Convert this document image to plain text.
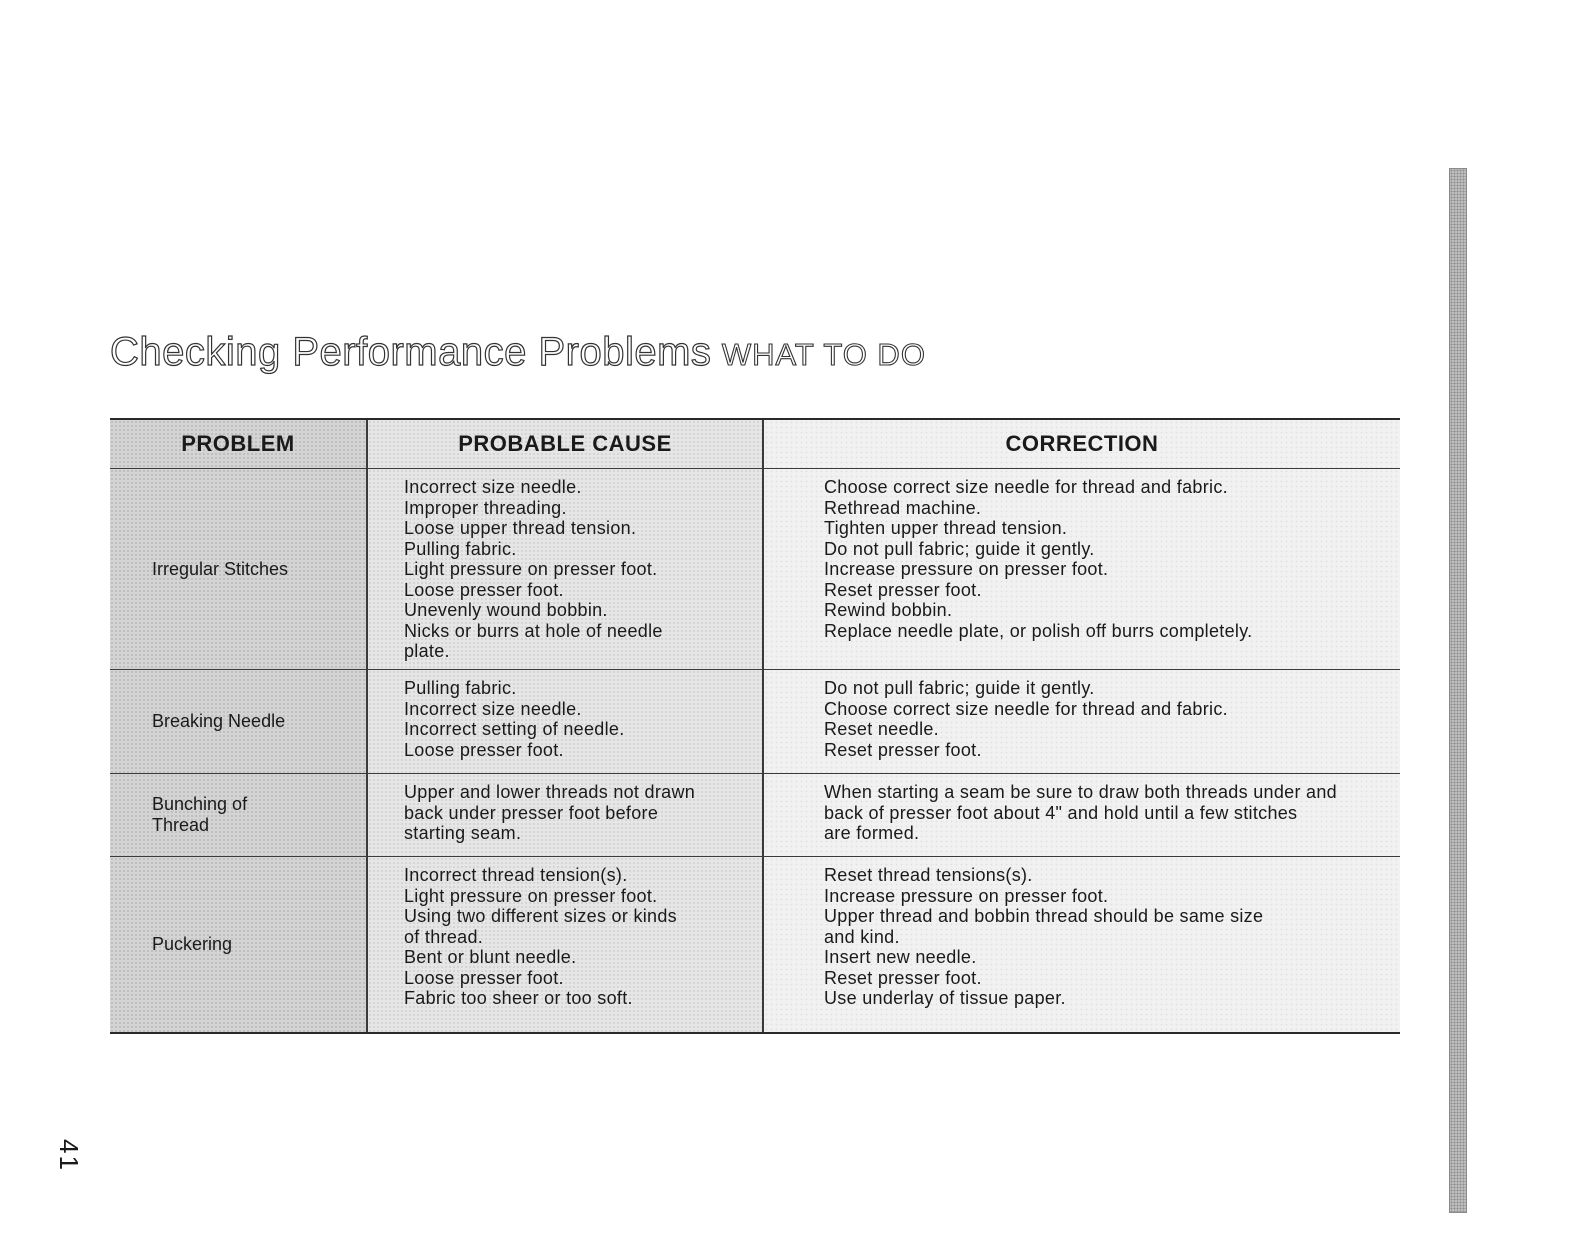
Checking Performance Problems WHAT TO DO
PROBLEM	PROBABLE CAUSE	CORRECTION
Irregular Stitches
Incorrect size needle.
Improper threading.
Loose upper thread tension.
Pulling fabric.
Light pressure on presser foot.
Loose presser foot.
Unevenly wound bobbin.
Nicks or burrs at hole of needle
plate.
Choose correct size needle for thread and fabric.
Rethread machine.
Tighten upper thread tension.
Do not pull fabric; guide it gently.
Increase pressure on presser foot.
Reset presser foot.
Rewind bobbin.
Replace needle plate, or polish off burrs completely.
Breaking Needle
Pulling fabric.
Incorrect size needle.
Incorrect setting of needle.
Loose presser foot.
Do not pull fabric; guide it gently.
Choose correct size needle for thread and fabric.
Reset needle.
Reset presser foot.
Bunching of
Thread
Upper and lower threads not drawn
back under presser foot before
starting seam.
When starting a seam be sure to draw both threads under and
back of presser foot about 4" and hold until a few stitches
are formed.
Puckering
Incorrect thread tension(s).
Light pressure on presser foot.
Using two different sizes or kinds
of thread.
Bent or blunt needle.
Loose presser foot.
Fabric too sheer or too soft.
Reset thread tensions(s).
Increase pressure on presser foot.
Upper thread and bobbin thread should be same size
and kind.
Insert new needle.
Reset presser foot.
Use underlay of tissue paper.
41
